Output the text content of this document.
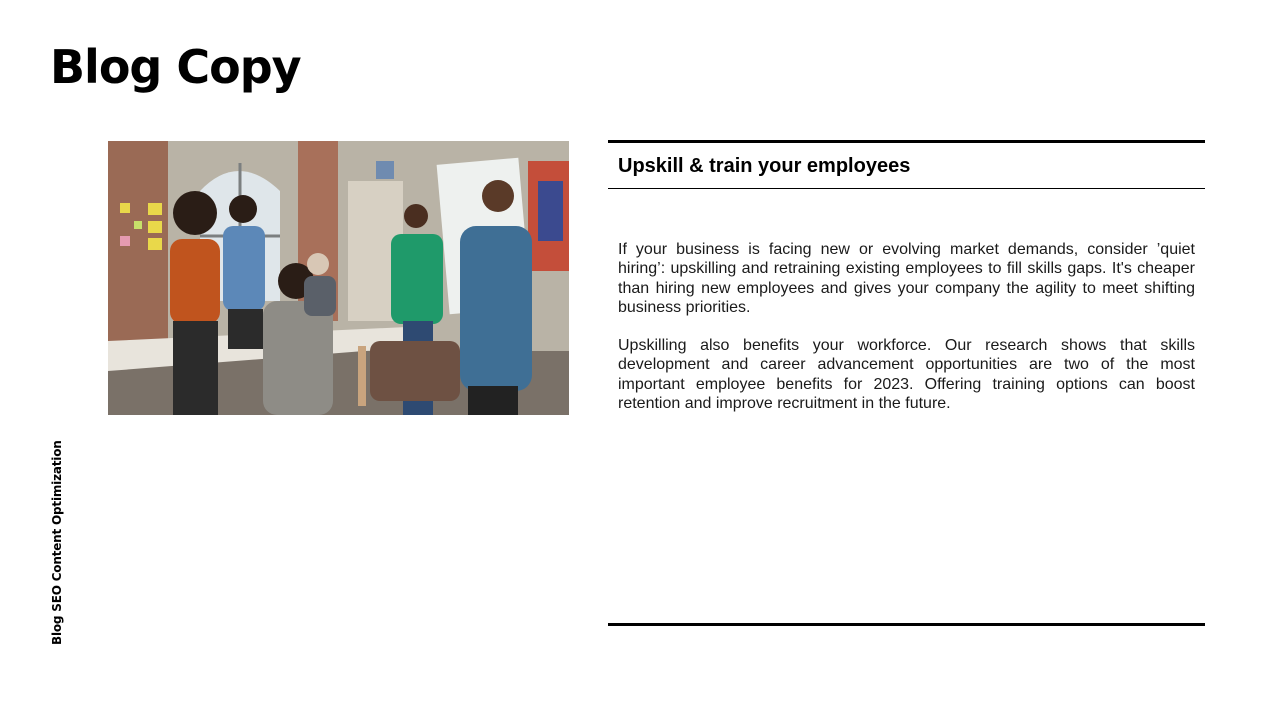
Blog Copy
Blog SEO Content Optimization
Upskill & train your employees

If your business is facing new or evolving market demands, consider ’quiet hiring’: upskilling and retraining existing employees to fill skills gaps. It's cheaper than hiring new employees and gives your company the agility to meet shifting business priorities.

Upskilling also benefits your workforce. Our research shows that skills development and career advancement opportunities are two of the most important employee benefits for 2023. Offering training options can boost retention and improve recruitment in the future.
